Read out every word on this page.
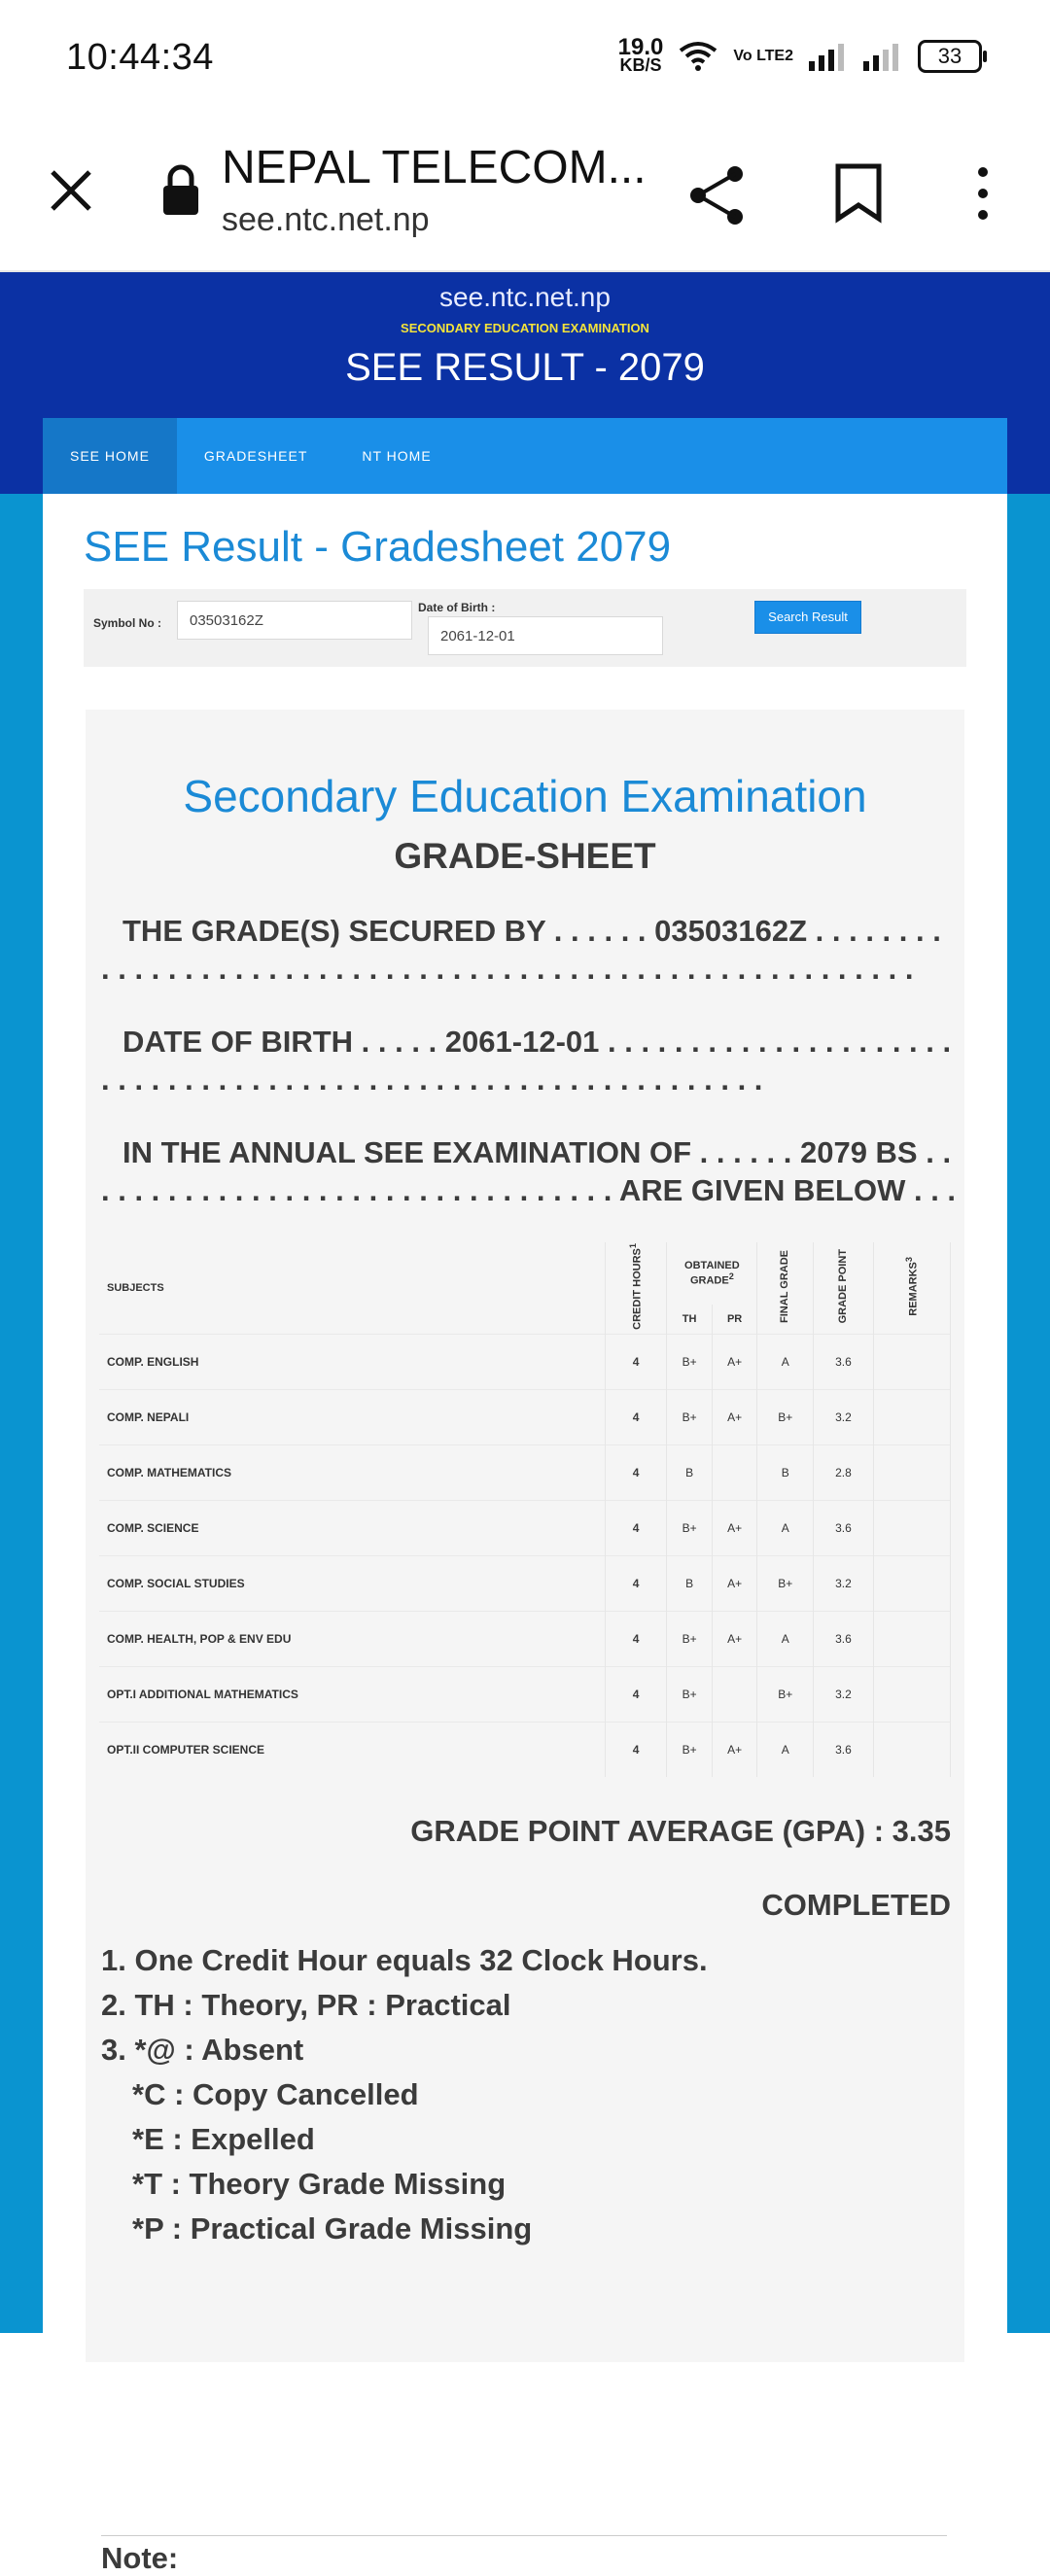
10:44:34	19.0
KB/S	Vo LTE2	33
NEPAL TELECOM...
see.ntc.net.np
see.ntc.net.np
SECONDARY EDUCATION EXAMINATION
SEE RESULT - 2079
SEE HOME	GRADESHEET	NT HOME
SEE Result - Gradesheet 2079
Symbol No :	03503162Z
Date of Birth :
2061-12-01
Search Result
Secondary Education Examination
GRADE-SHEET
THE GRADE(S) SECURED BY . . . . . . 03503162Z . . . . . . . . . . . . . . . . . . . . . . . . . . . . . . . . . . . . . . . . . . . . . . . . . . . . . . . . .
DATE OF BIRTH . . . . . 2061-12-01 . . . . . . . . . . . . . . . . . . . . . . . . . . . . . . . . . . . . . . . . . . . . . . . . . . . . . . . . . . . . .
IN THE ANNUAL SEE EXAMINATION OF . . . . . . 2079 BS . . . . . . . . . . . . . . . . . . . . . . . . . . . . . . . . . ARE GIVEN BELOW . . .
SUBJECTS	CREDIT HOURS$^1$	OBTAINED GRADE$^2$		FINAL GRADE	GRADE POINT	REMARKS$^3$
		TH	PR			
COMP. ENGLISH	4	B+	A+	A	3.6	
COMP. NEPALI	4	B+	A+	B+	3.2	
COMP. MATHEMATICS	4	B		B	2.8	
COMP. SCIENCE	4	B+	A+	A	3.6	
COMP. SOCIAL STUDIES	4	B	A+	B+	3.2	
COMP. HEALTH, POP & ENV EDU	4	B+	A+	A	3.6	
OPT.I ADDITIONAL MATHEMATICS	4	B+		B+	3.2	
OPT.II COMPUTER SCIENCE	4	B+	A+	A	3.6	
GRADE POINT AVERAGE (GPA) : 3.35
COMPLETED
1. One Credit Hour equals 32 Clock Hours.
2. TH : Theory, PR : Practical
3. *@ : Absent
*C : Copy Cancelled
*E : Expelled
*T : Theory Grade Missing
*P : Practical Grade Missing
Note:
